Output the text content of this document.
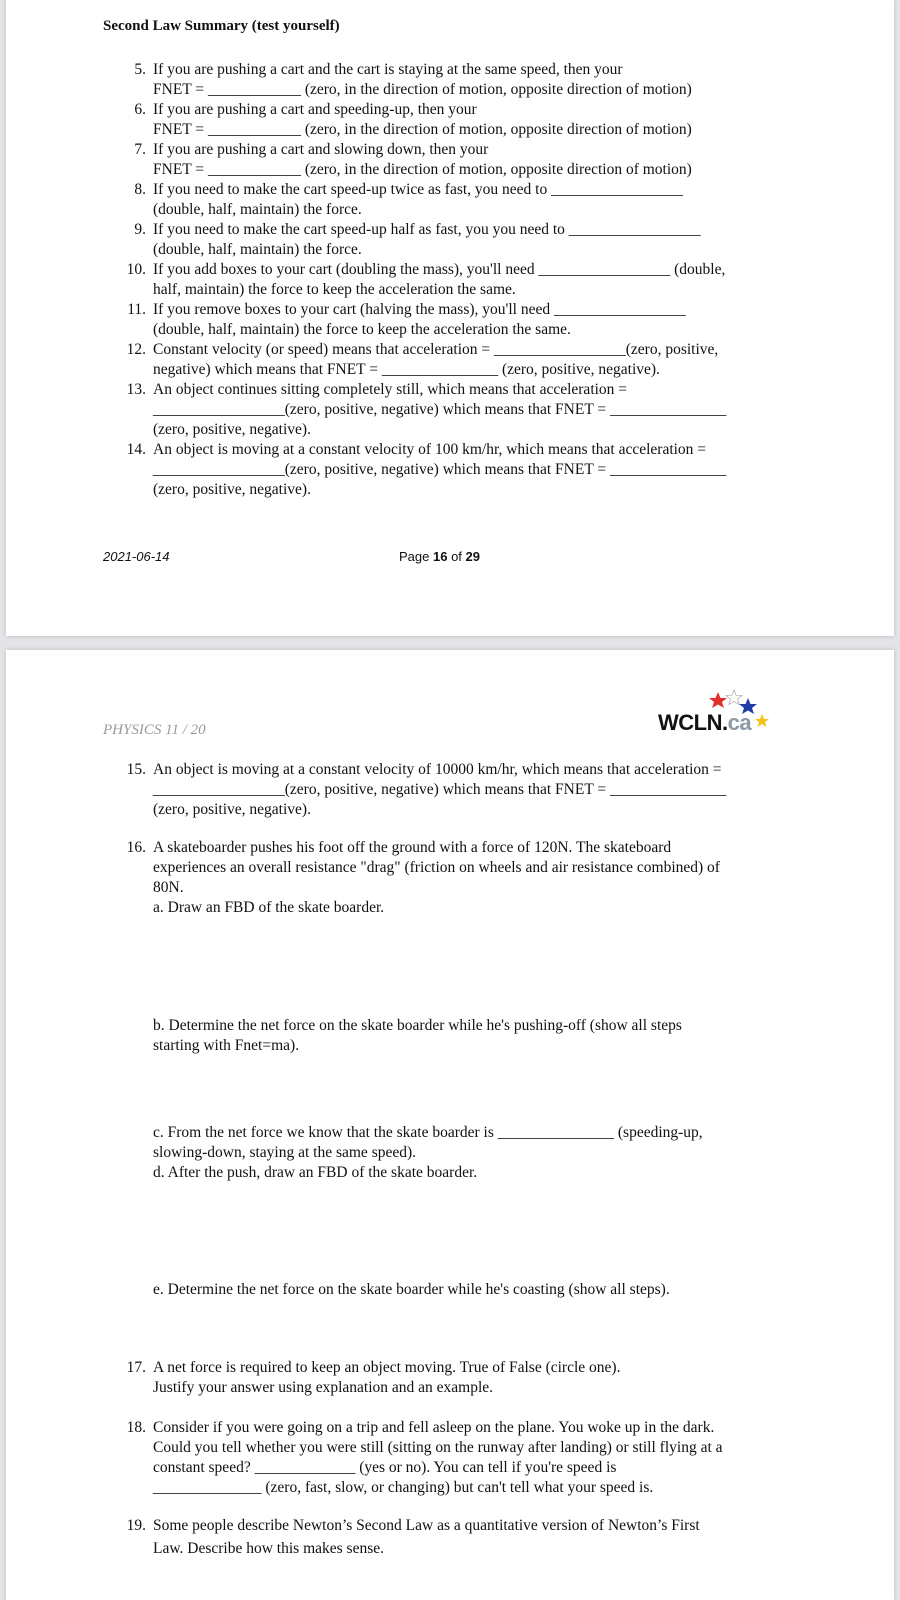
Second Law Summary (test yourself)
5. If you are pushing a cart and the cart is staying at the same speed, then your
FNET = ____________ (zero, in the direction of motion, opposite direction of motion)
6. If you are pushing a cart and speeding-up, then your
FNET = ____________ (zero, in the direction of motion, opposite direction of motion)
7. If you are pushing a cart and slowing down, then your
FNET = ____________ (zero, in the direction of motion, opposite direction of motion)
8. If you need to make the cart speed-up twice as fast, you need to _________________
(double, half, maintain) the force.
9. If you need to make the cart speed-up half as fast, you you need to _________________
(double, half, maintain) the force.
10. If you add boxes to your cart (doubling the mass), you'll need _________________ (double,
half, maintain) the force to keep the acceleration the same.
11. If you remove boxes to your cart (halving the mass), you'll need _________________
(double, half, maintain) the force to keep the acceleration the same.
12. Constant velocity (or speed) means that acceleration = _________________(zero, positive,
negative) which means that FNET = _______________ (zero, positive, negative).
13. An object continues sitting completely still, which means that acceleration =
_________________(zero, positive, negative) which means that FNET = _______________
(zero, positive, negative).
14. An object is moving at a constant velocity of 100 km/hr, which means that acceleration =
_________________(zero, positive, negative) which means that FNET = _______________
(zero, positive, negative).
2021-06-14	Page 16 of 29
PHYSICS 11 / 20	WCLN.ca
15. An object is moving at a constant velocity of 10000 km/hr, which means that acceleration =
_________________(zero, positive, negative) which means that FNET = _______________
(zero, positive, negative).
16. A skateboarder pushes his foot off the ground with a force of 120N. The skateboard
experiences an overall resistance "drag" (friction on wheels and air resistance combined) of
80N.
a. Draw an FBD of the skate boarder.
b. Determine the net force on the skate boarder while he's pushing-off (show all steps
starting with Fnet=ma).
c. From the net force we know that the skate boarder is _______________ (speeding-up,
slowing-down, staying at the same speed).
d. After the push, draw an FBD of the skate boarder.
e. Determine the net force on the skate boarder while he's coasting (show all steps).
17. A net force is required to keep an object moving. True of False (circle one).
Justify your answer using explanation and an example.
18. Consider if you were going on a trip and fell asleep on the plane. You woke up in the dark.
Could you tell whether you were still (sitting on the runway after landing) or still flying at a
constant speed? _____________ (yes or no). You can tell if you're speed is
______________ (zero, fast, slow, or changing) but can't tell what your speed is.
19. Some people describe Newton’s Second Law as a quantitative version of Newton’s First
Law. Describe how this makes sense.
